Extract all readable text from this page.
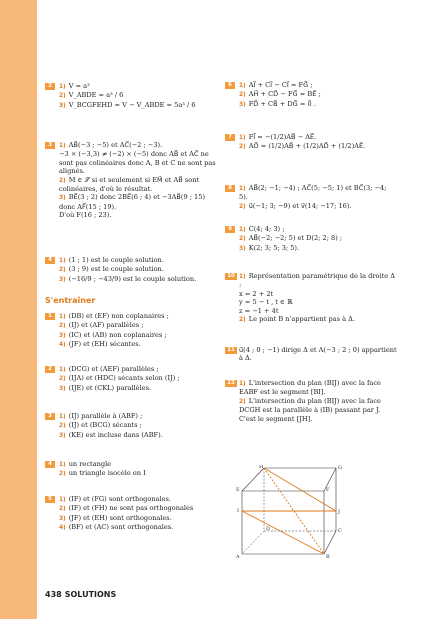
2	1) V = a³
2) V_ABDE = a³ / 6
3) V_BCGFEHD = V − V_ABDE = 5a³ / 6
3	1) AB⃗(−3 ; −5) et AC⃗(−2 ; −3).
−3 × (−3,3) ≠ (−2) × (−5) donc AB⃗ et AC⃗ ne sont pas colinéaires donc A, B et C ne sont pas alignés.
2) M ∈ 𝒮 si et seulement si EM⃗ et AB⃗ sont colinéaires, d'où le résultat.
3) BE⃗(3 ; 2) donc 2BE⃗(6 ; 4) et −3AB⃗(9 ; 15) donc AF⃗(15 ; 19).
D'où F(16 ; 23).
4	1) (1 ; 1) est le couple solution.
2) (3 ; 9) est le couple solution.
3) (−16/9 ; −43/9) est le couple solution.
1	1) (DB) et (EF) non coplanaires ;
2) (IJ) et (AF) parallèles ;
3) (IC) et (AB) non coplanaires ;
4) (JF) et (EH) sécantes.
2	1) (DCG) et (AEF) parallèles ;
2) (IJA) et (HDC) sécants selon (IJ) ;
3) (IJE) et (CKL) parallèles.
3	1) (IJ) parallèle à (ABF) ;
2) (IJ) et (BCG) sécants ;
3) (KE) est incluse dans (ABF).
4	1) un rectangle
2) un triangle isocèle en I
5	1) (IF) et (FG) sont orthogonales.
2) (IF) et (FH) ne sont pas orthogonales
3) (JF) et (EH) sont orthogonales.
4) (BF) et (AC) sont orthogonales.
S'entraîner
6	1) AI⃗ + CI⃗ − CI⃗ = FG⃗ ;
2) AH⃗ + CD⃗ − FG⃗ = BE⃗ ;
3) FD⃗ + CB⃗ + DG⃗ = 0⃗ .
7	1) FI⃗ = −(1/2)AB⃗ − AE⃗.
2) AO⃗ = (1/2)AB⃗ + (1/2)AD⃗ + (1/2)AE⃗.
8	1) AB⃗(2; −1; −4) ; AC⃗(5; −5; 1) et BC⃗(3; −4; 5).
2) u⃗(−1; 3; −9) et v⃗(14; −17; 16).
9	1) C(4; 4; 3) ;
2) AB⃗(−2; −2; 5) et D(2; 2; 8) ;
3) K(2; 3; 5; 3; 5).
10 1) Représentation paramétrique de la droite Δ :
x = 2 + 2t
y = 5 − t , t ∈ ℝ
z = −1 + 4t
2) Le point B n'appartient pas à Δ.
11 u⃗(4 ; 0 ; −1) dirige Δ et A(−3 ; 2 ; 0) appartient à Δ.
23 1) L'intersection du plan (BIJ) avec la face EABF est le segment [BI].
2) L'intersection du plan (BIJ) avec la face DCGH est la parallèle à (IB) passant par J. C'est le segment [JH].
H	G
E	F
I
D
J
C
A	B
438 SOLUTIONS
